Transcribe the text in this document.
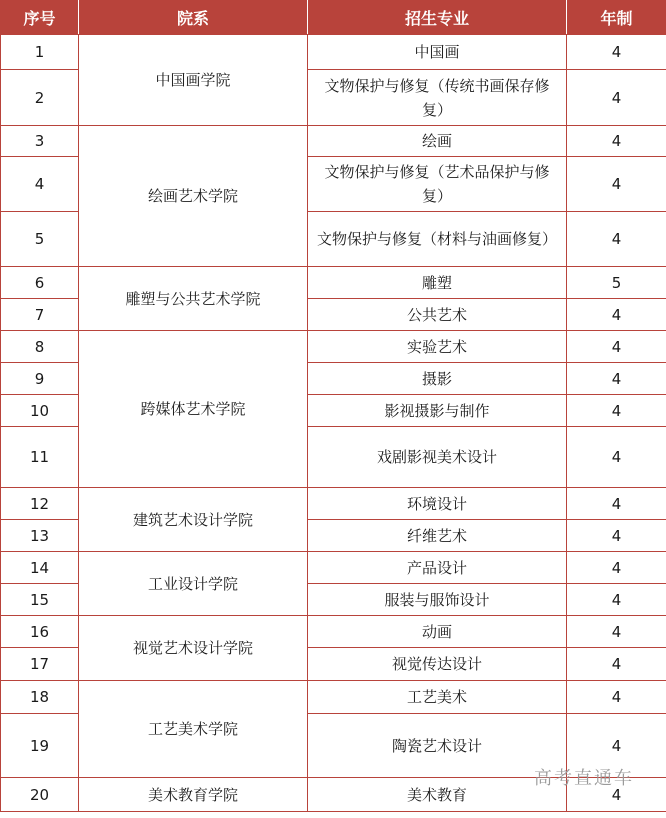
序号	院系	招生专业	年制
1	中国画学院	中国画	4
2		文物保护与修复（传统书画保存修复）	4
3	绘画艺术学院	绘画	4
4		文物保护与修复（艺术品保护与修复）	4
5		文物保护与修复（材料与油画修复）	4
6	雕塑与公共艺术学院	雕塑	5
7		公共艺术	4
8	跨媒体艺术学院	实验艺术	4
9		摄影	4
10		影视摄影与制作	4
11		戏剧影视美术设计	4
12	建筑艺术设计学院	环境设计	4
13		纤维艺术	4
14	工业设计学院	产品设计	4
15		服装与服饰设计	4
16	视觉艺术设计学院	动画	4
17		视觉传达设计	4
18	工艺美术学院	工艺美术	4
19		陶瓷艺术设计	4
20	美术教育学院	美术教育	4
高考直通车
